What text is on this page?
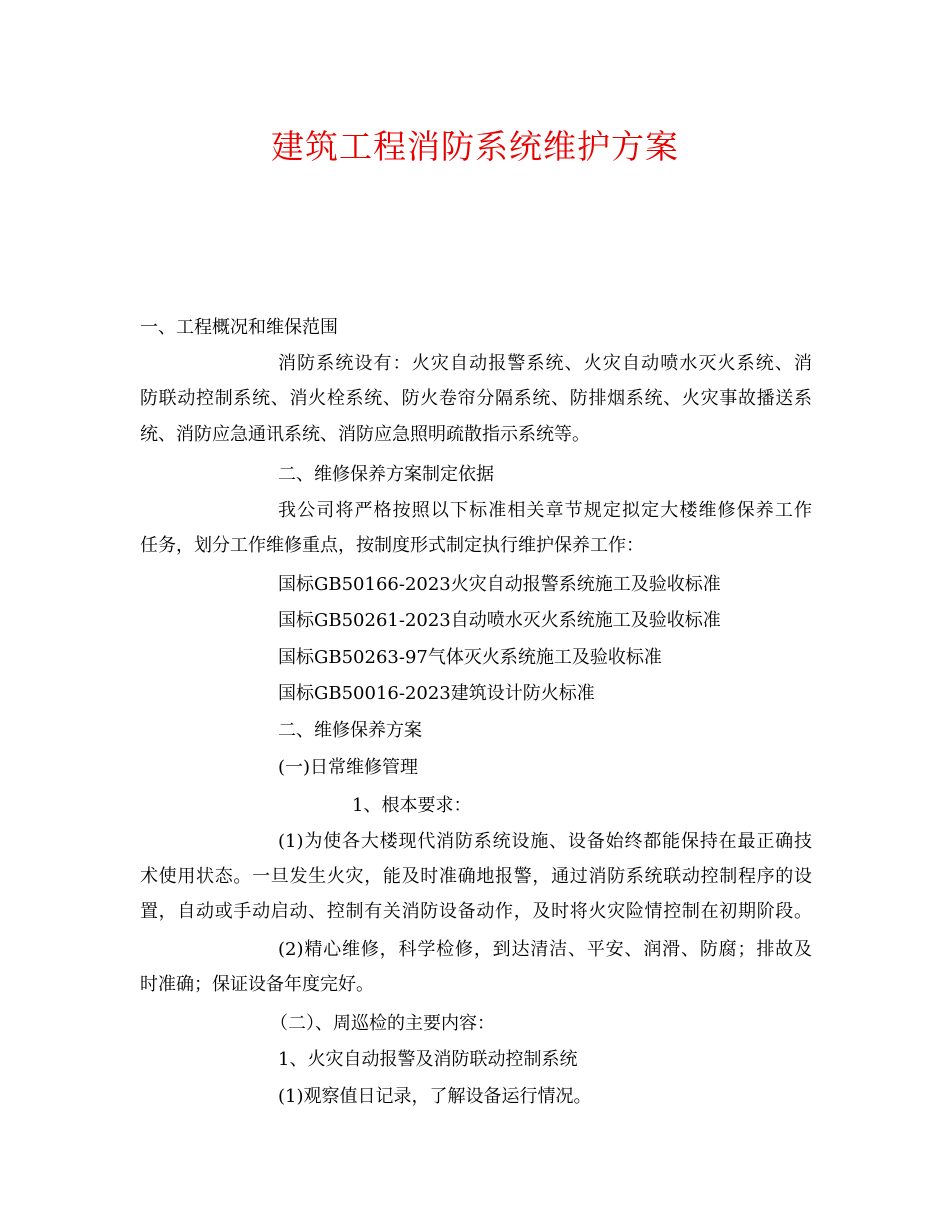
建筑工程消防系统维护方案
一、工程概况和维保范围
消防系统设有：火灾自动报警系统、火灾自动喷水灭火系统、消
防联动控制系统、消火栓系统、防火卷帘分隔系统、防排烟系统、火灾事故播送系
统、消防应急通讯系统、消防应急照明疏散指示系统等。
二、维修保养方案制定依据
我公司将严格按照以下标准相关章节规定拟定大楼维修保养工作
任务，划分工作维修重点，按制度形式制定执行维护保养工作：
国标GB50166-2023火灾自动报警系统施工及验收标准
国标GB50261-2023自动喷水灭火系统施工及验收标准
国标GB50263-97气体灭火系统施工及验收标准
国标GB50016-2023建筑设计防火标准
二、维修保养方案
(一)日常维修管理
1、根本要求：
(1)为使各大楼现代消防系统设施、设备始终都能保持在最正确技
术使用状态。一旦发生火灾，能及时准确地报警，通过消防系统联动控制程序的设
置，自动或手动启动、控制有关消防设备动作，及时将火灾险情控制在初期阶段。
(2)精心维修，科学检修，到达清洁、平安、润滑、防腐；排故及
时准确；保证设备年度完好。
（二）、周巡检的主要内容：
1、火灾自动报警及消防联动控制系统
(1)观察值日记录，了解设备运行情况。
